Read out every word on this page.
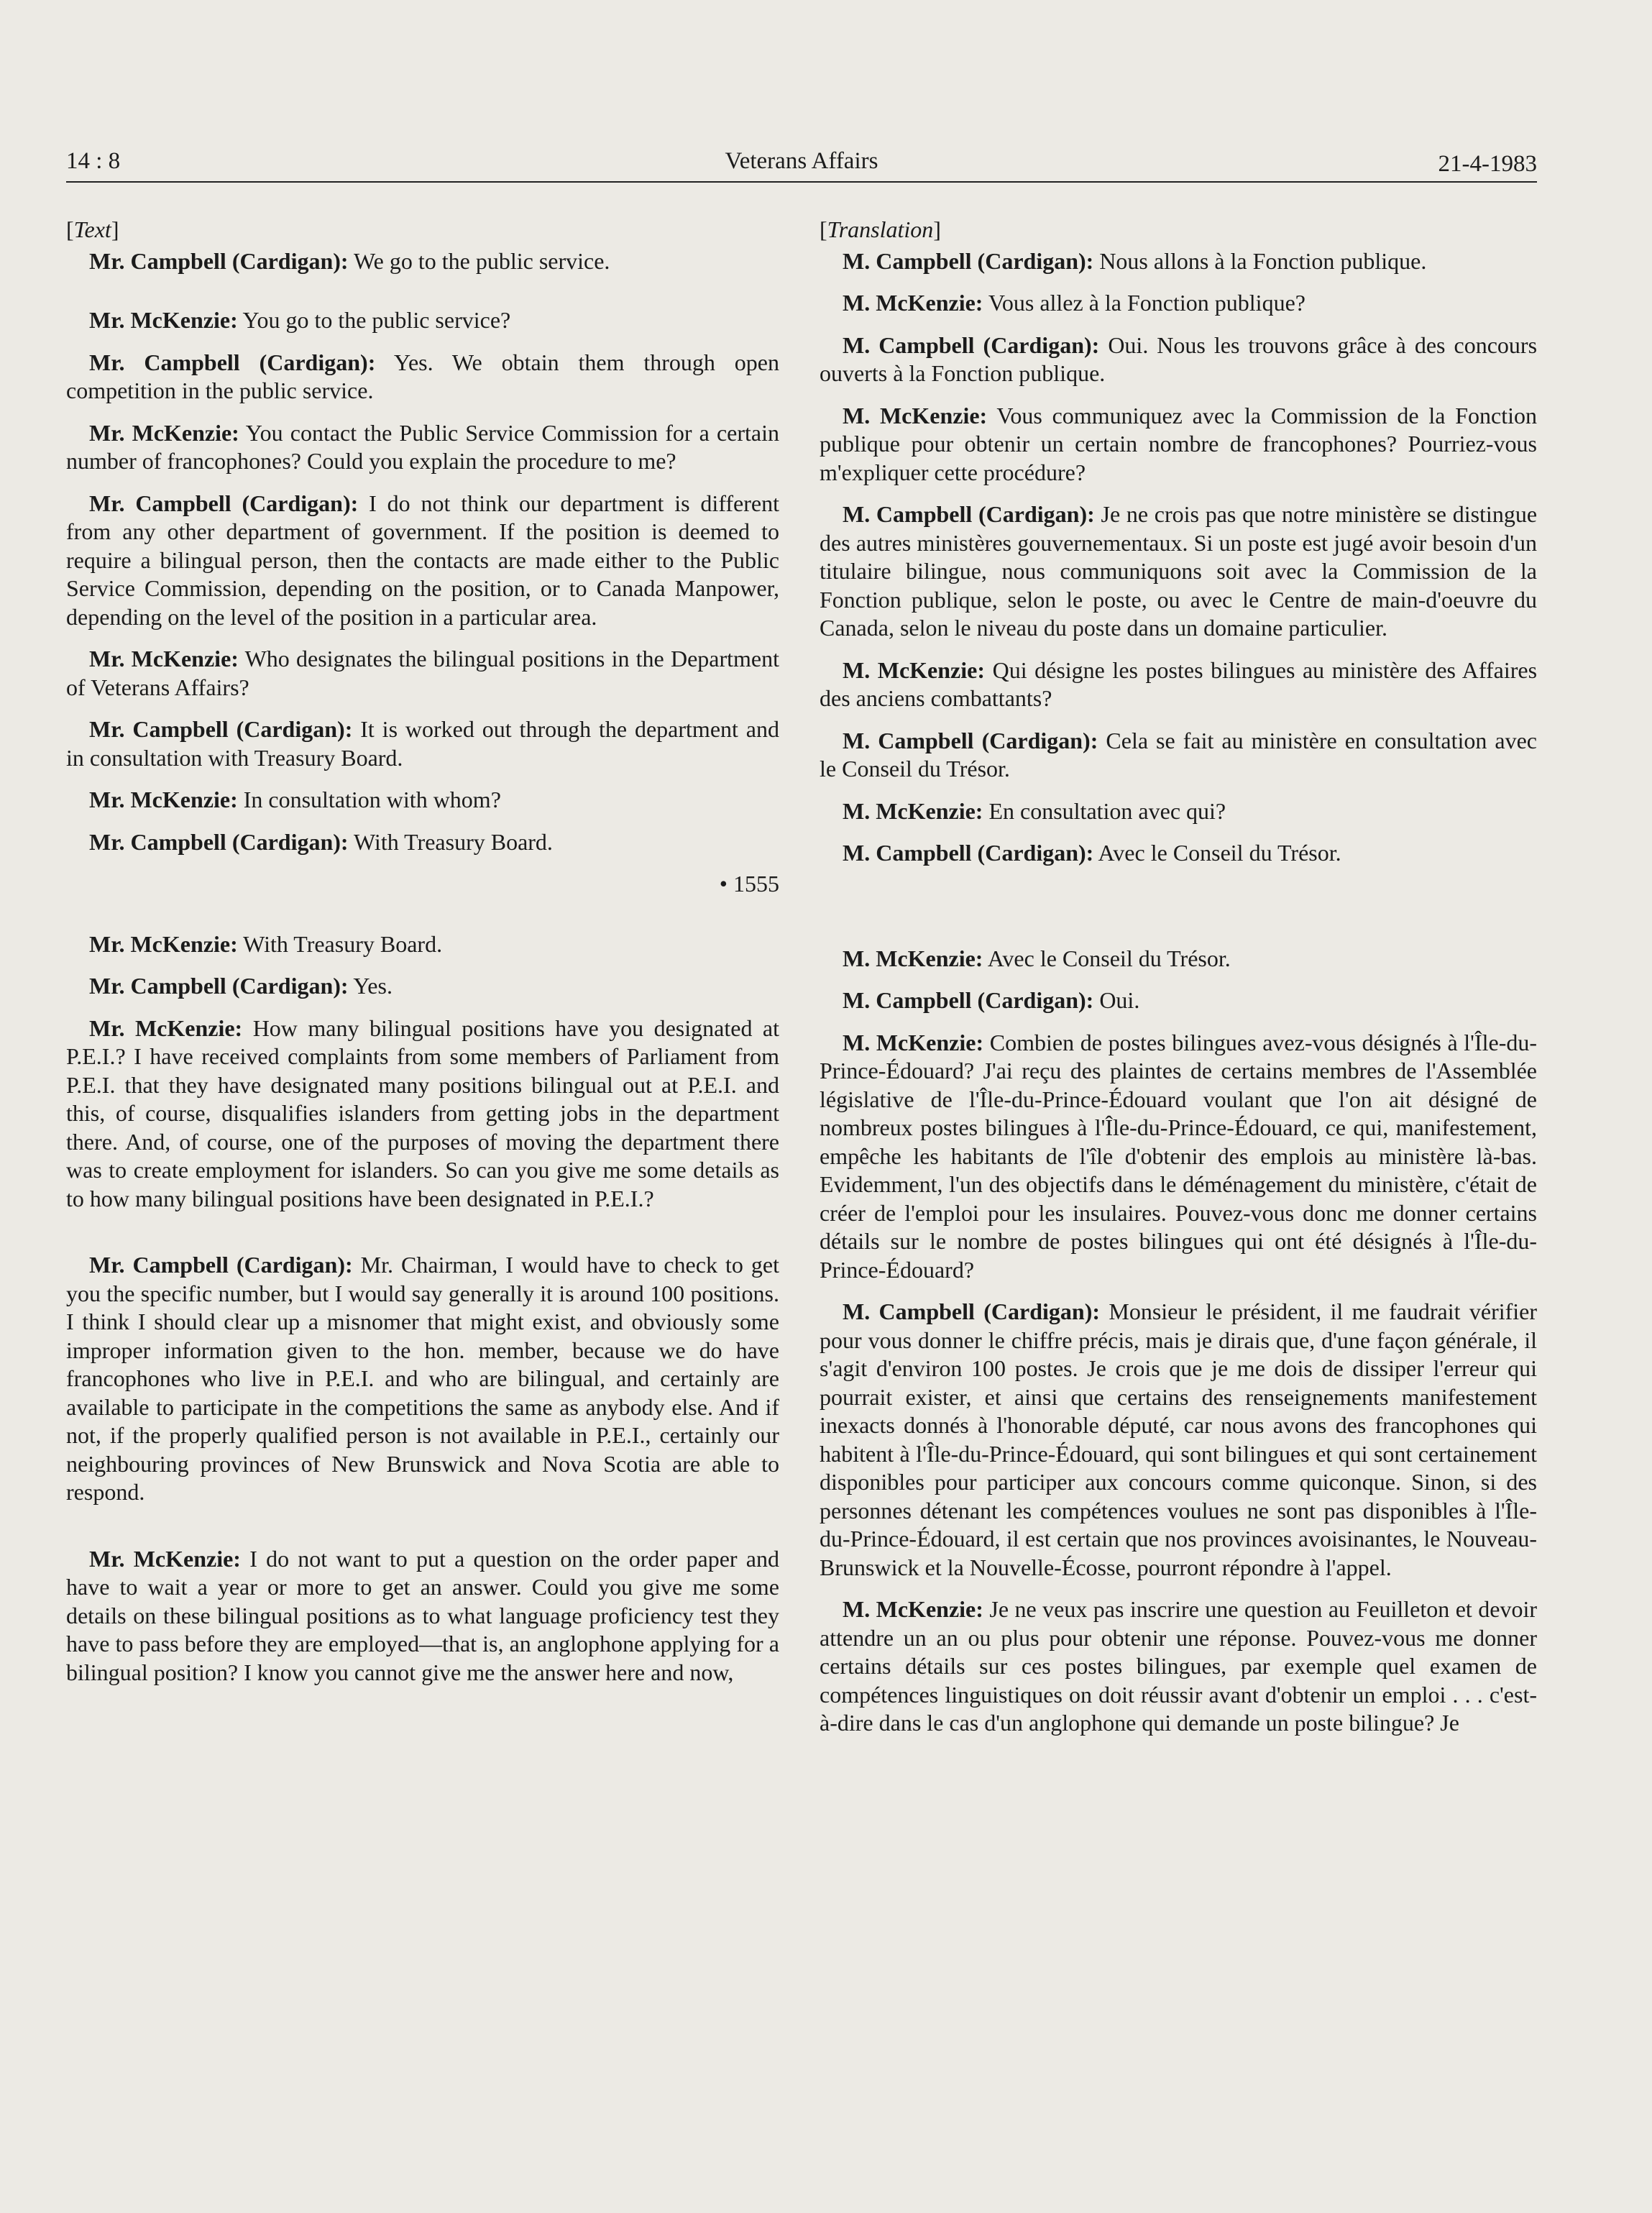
14 : 8	Veterans Affairs	21-4-1983
[Text]
Mr. Campbell (Cardigan): We go to the public service.
Mr. McKenzie: You go to the public service?
Mr. Campbell (Cardigan): Yes. We obtain them through open competition in the public service.
Mr. McKenzie: You contact the Public Service Commission for a certain number of francophones? Could you explain the procedure to me?
Mr. Campbell (Cardigan): I do not think our department is different from any other department of government. If the position is deemed to require a bilingual person, then the contacts are made either to the Public Service Commission, depending on the position, or to Canada Manpower, depending on the level of the position in a particular area.
Mr. McKenzie: Who designates the bilingual positions in the Department of Veterans Affairs?
Mr. Campbell (Cardigan): It is worked out through the department and in consultation with Treasury Board.
Mr. McKenzie: In consultation with whom?
Mr. Campbell (Cardigan): With Treasury Board.
• 1555
Mr. McKenzie: With Treasury Board.
Mr. Campbell (Cardigan): Yes.
Mr. McKenzie: How many bilingual positions have you designated at P.E.I.? I have received complaints from some members of Parliament from P.E.I. that they have designated many positions bilingual out at P.E.I. and this, of course, disqualifies islanders from getting jobs in the department there. And, of course, one of the purposes of moving the department there was to create employment for islanders. So can you give me some details as to how many bilingual positions have been designated in P.E.I.?
Mr. Campbell (Cardigan): Mr. Chairman, I would have to check to get you the specific number, but I would say generally it is around 100 positions. I think I should clear up a misnomer that might exist, and obviously some improper information given to the hon. member, because we do have francophones who live in P.E.I. and who are bilingual, and certainly are available to participate in the competitions the same as anybody else. And if not, if the properly qualified person is not available in P.E.I., certainly our neighbouring provinces of New Brunswick and Nova Scotia are able to respond.
Mr. McKenzie: I do not want to put a question on the order paper and have to wait a year or more to get an answer. Could you give me some details on these bilingual positions as to what language proficiency test they have to pass before they are employed—that is, an anglophone applying for a bilingual position? I know you cannot give me the answer here and now,
[Translation]
M. Campbell (Cardigan): Nous allons à la Fonction publique.
M. McKenzie: Vous allez à la Fonction publique?
M. Campbell (Cardigan): Oui. Nous les trouvons grâce à des concours ouverts à la Fonction publique.
M. McKenzie: Vous communiquez avec la Commission de la Fonction publique pour obtenir un certain nombre de francophones? Pourriez-vous m'expliquer cette procédure?
M. Campbell (Cardigan): Je ne crois pas que notre ministère se distingue des autres ministères gouvernementaux. Si un poste est jugé avoir besoin d'un titulaire bilingue, nous communiquons soit avec la Commission de la Fonction publique, selon le poste, ou avec le Centre de main-d'oeuvre du Canada, selon le niveau du poste dans un domaine particulier.
M. McKenzie: Qui désigne les postes bilingues au ministère des Affaires des anciens combattants?
M. Campbell (Cardigan): Cela se fait au ministère en consultation avec le Conseil du Trésor.
M. McKenzie: En consultation avec qui?
M. Campbell (Cardigan): Avec le Conseil du Trésor.
M. McKenzie: Avec le Conseil du Trésor.
M. Campbell (Cardigan): Oui.
M. McKenzie: Combien de postes bilingues avez-vous désignés à l'Île-du-Prince-Édouard? J'ai reçu des plaintes de certains membres de l'Assemblée législative de l'Île-du-Prince-Édouard voulant que l'on ait désigné de nombreux postes bilingues à l'Île-du-Prince-Édouard, ce qui, manifestement, empêche les habitants de l'île d'obtenir des emplois au ministère là-bas. Evidemment, l'un des objectifs dans le déménagement du ministère, c'était de créer de l'emploi pour les insulaires. Pouvez-vous donc me donner certains détails sur le nombre de postes bilingues qui ont été désignés à l'Île-du-Prince-Édouard?
M. Campbell (Cardigan): Monsieur le président, il me faudrait vérifier pour vous donner le chiffre précis, mais je dirais que, d'une façon générale, il s'agit d'environ 100 postes. Je crois que je me dois de dissiper l'erreur qui pourrait exister, et ainsi que certains des renseignements manifestement inexacts donnés à l'honorable député, car nous avons des francophones qui habitent à l'Île-du-Prince-Édouard, qui sont bilingues et qui sont certainement disponibles pour participer aux concours comme quiconque. Sinon, si des personnes détenant les compétences voulues ne sont pas disponibles à l'Île-du-Prince-Édouard, il est certain que nos provinces avoisinantes, le Nouveau-Brunswick et la Nouvelle-Écosse, pourront répondre à l'appel.
M. McKenzie: Je ne veux pas inscrire une question au Feuilleton et devoir attendre un an ou plus pour obtenir une réponse. Pouvez-vous me donner certains détails sur ces postes bilingues, par exemple quel examen de compétences linguistiques on doit réussir avant d'obtenir un emploi . . . c'est-à-dire dans le cas d'un anglophone qui demande un poste bilingue? Je
